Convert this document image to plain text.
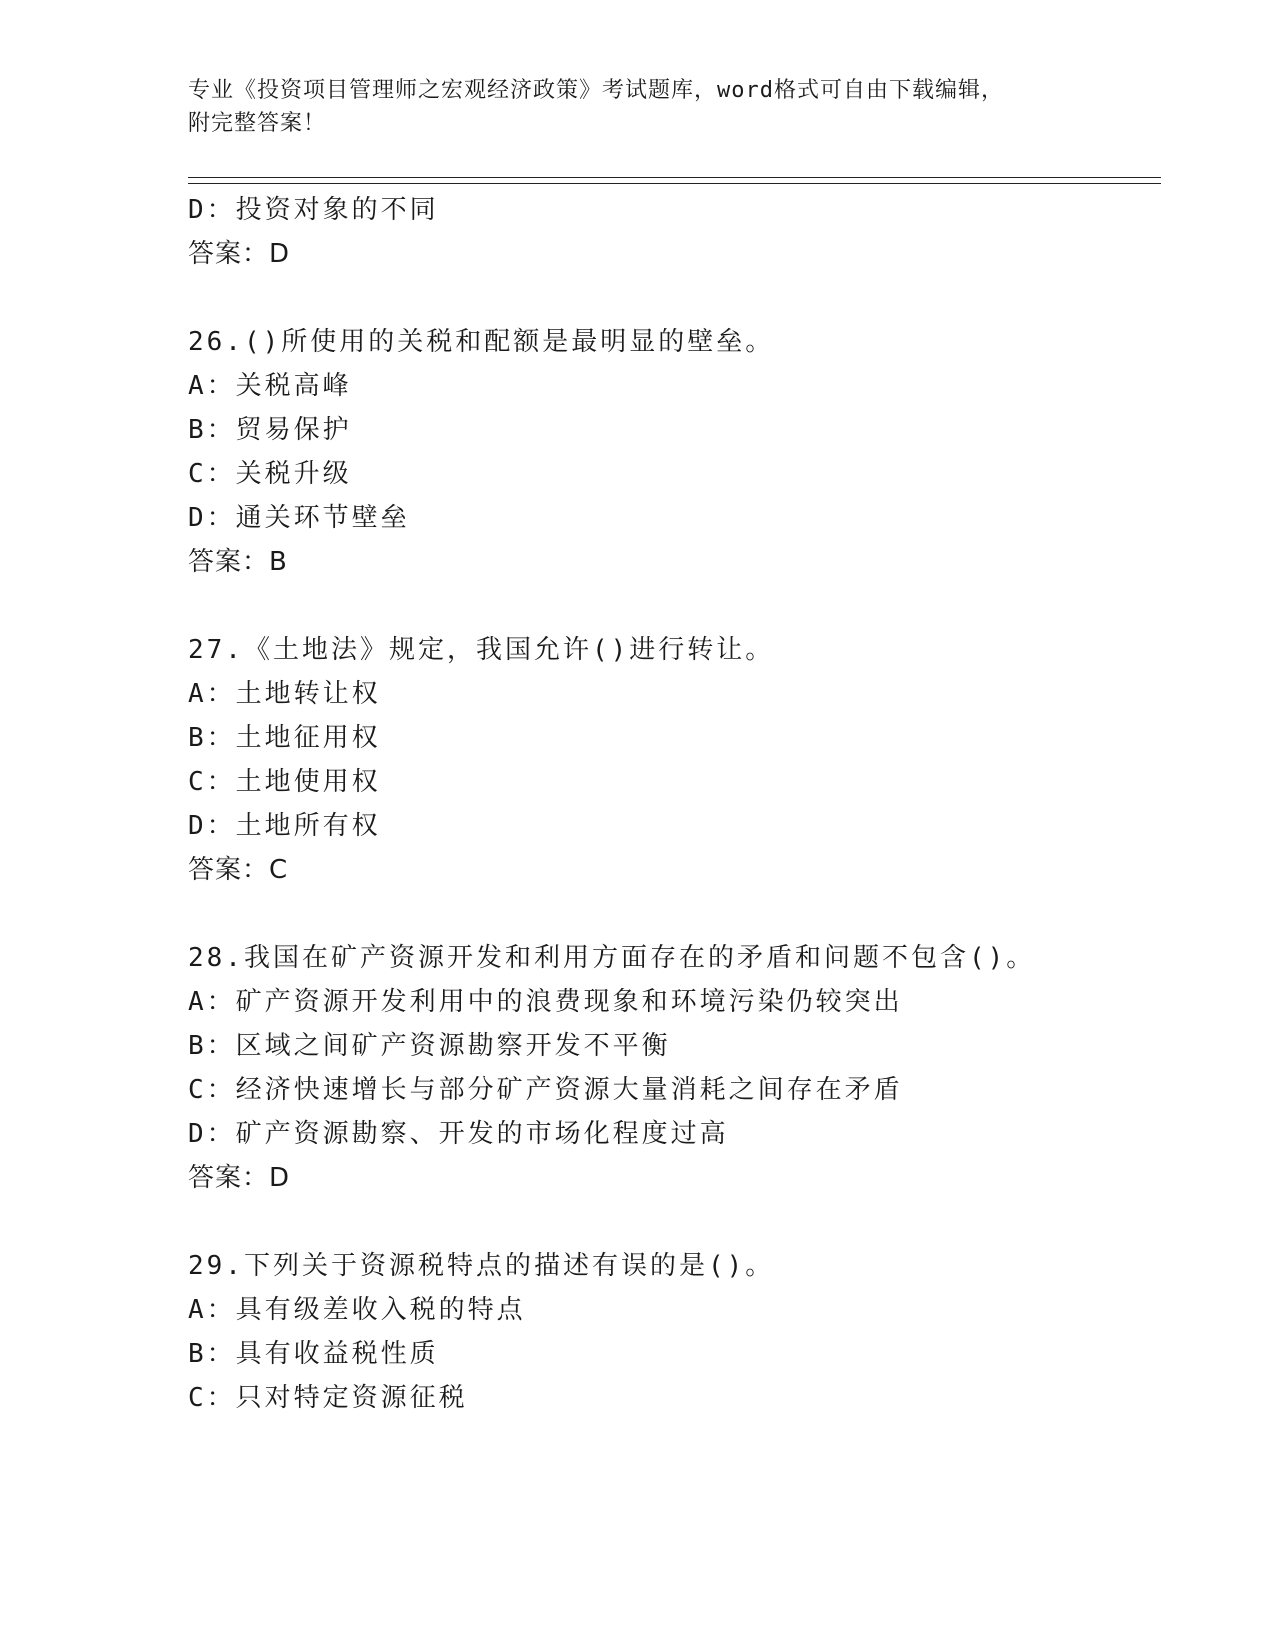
专业《投资项目管理师之宏观经济政策》考试题库，word格式可自由下载编辑，
附完整答案！
D：投资对象的不同
答案：D
26.()所使用的关税和配额是最明显的壁垒。
A：关税高峰
B：贸易保护
C：关税升级
D：通关环节壁垒
答案：B
27.《土地法》规定，我国允许()进行转让。
A：土地转让权
B：土地征用权
C：土地使用权
D：土地所有权
答案：C
28.我国在矿产资源开发和利用方面存在的矛盾和问题不包含()。
A：矿产资源开发利用中的浪费现象和环境污染仍较突出
B：区域之间矿产资源勘察开发不平衡
C：经济快速增长与部分矿产资源大量消耗之间存在矛盾
D：矿产资源勘察、开发的市场化程度过高
答案：D
29.下列关于资源税特点的描述有误的是()。
A：具有级差收入税的特点
B：具有收益税性质
C：只对特定资源征税
